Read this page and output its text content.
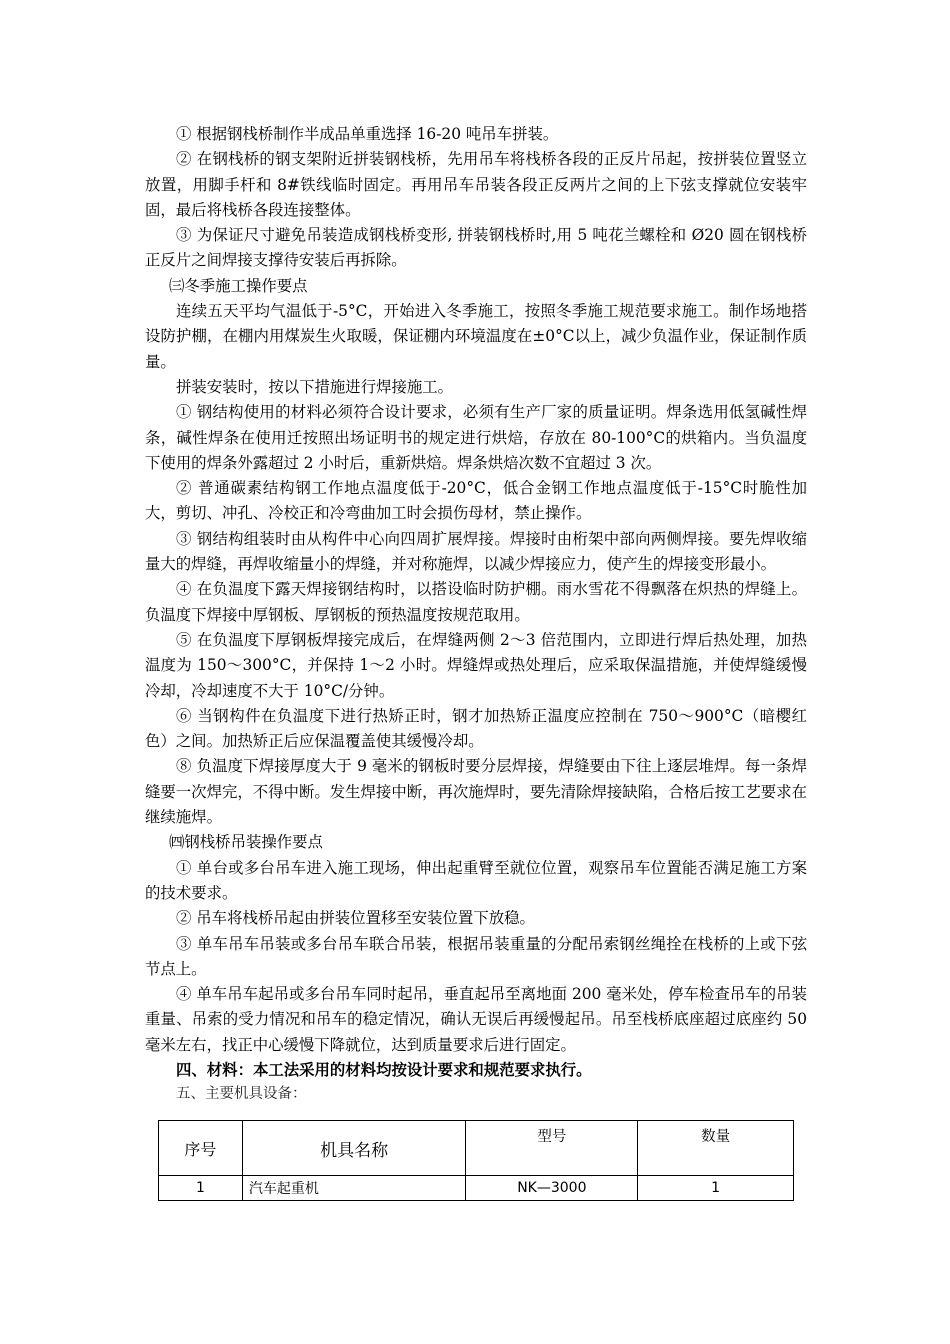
① 根据钢栈桥制作半成品单重选择 16-20 吨吊车拼装。

② 在钢栈桥的钢支架附近拼装钢栈桥，先用吊车将栈桥各段的正反片吊起，按拼装位置竖立放置，用脚手杆和 8#铁线临时固定。再用吊车吊装各段正反两片之间的上下弦支撑就位安装牢固，最后将栈桥各段连接整体。

③ 为保证尺寸避免吊装造成钢栈桥变形, 拼装钢栈桥时,用 5 吨花兰螺栓和 Ø20 圆在钢栈桥正反片之间焊接支撑待安装后再拆除。

㈢冬季施工操作要点

连续五天平均气温低于-5°C，开始进入冬季施工，按照冬季施工规范要求施工。制作场地搭设防护棚，在棚内用煤炭生火取暖，保证棚内环境温度在±0°C以上，减少负温作业，保证制作质量。

拼装安装时，按以下措施进行焊接施工。

① 钢结构使用的材料必须符合设计要求，必须有生产厂家的质量证明。焊条选用低氢碱性焊条，碱性焊条在使用迁按照出场证明书的规定进行烘焙，存放在 80-100°C的烘箱内。当负温度下使用的焊条外露超过 2 小时后，重新烘焙。焊条烘焙次数不宜超过 3 次。

② 普通碳素结构钢工作地点温度低于-20°C，低合金钢工作地点温度低于-15°C时脆性加大，剪切、冲孔、冷校正和冷弯曲加工时会损伤母材，禁止操作。

③ 钢结构组装时由从构件中心向四周扩展焊接。焊接时由桁架中部向两侧焊接。要先焊收缩量大的焊缝，再焊收缩量小的焊缝，并对称施焊，以减少焊接应力，使产生的焊接变形最小。

④ 在负温度下露天焊接钢结构时，以搭设临时防护棚。雨水雪花不得飘落在炽热的焊缝上。负温度下焊接中厚钢板、厚钢板的预热温度按规范取用。

⑤ 在负温度下厚钢板焊接完成后，在焊缝两侧 2～3 倍范围内，立即进行焊后热处理，加热温度为 150～300°C，并保持 1～2 小时。焊缝焊或热处理后，应采取保温措施，并使焊缝缓慢冷却，冷却速度不大于 10°C/分钟。

⑥ 当钢构件在负温度下进行热矫正时，钢才加热矫正温度应控制在 750～900°C（暗樱红色）之间。加热矫正后应保温覆盖使其缓慢冷却。

⑧ 负温度下焊接厚度大于 9 毫米的钢板时要分层焊接，焊缝要由下往上逐层堆焊。每一条焊缝要一次焊完，不得中断。发生焊接中断，再次施焊时，要先清除焊接缺陷，合格后按工艺要求在继续施焊。

㈣钢栈桥吊装操作要点

① 单台或多台吊车进入施工现场，伸出起重臂至就位位置，观察吊车位置能否满足施工方案的技术要求。

② 吊车将栈桥吊起由拼装位置移至安装位置下放稳。

③ 单车吊车吊装或多台吊车联合吊装，根据吊装重量的分配吊索钢丝绳拴在栈桥的上或下弦节点上。

④ 单车吊车起吊或多台吊车同时起吊，垂直起吊至离地面 200 毫米处，停车检查吊车的吊装重量、吊索的受力情况和吊车的稳定情况，确认无误后再缓慢起吊。吊至栈桥底座超过底座约 50 毫米左右，找正中心缓慢下降就位，达到质量要求后进行固定。

四、材料：本工法采用的材料均按设计要求和规范要求执行。

五、主要机具设备：

序号	机具名称	型号	数量
1	汽车起重机	NK—3000	1
